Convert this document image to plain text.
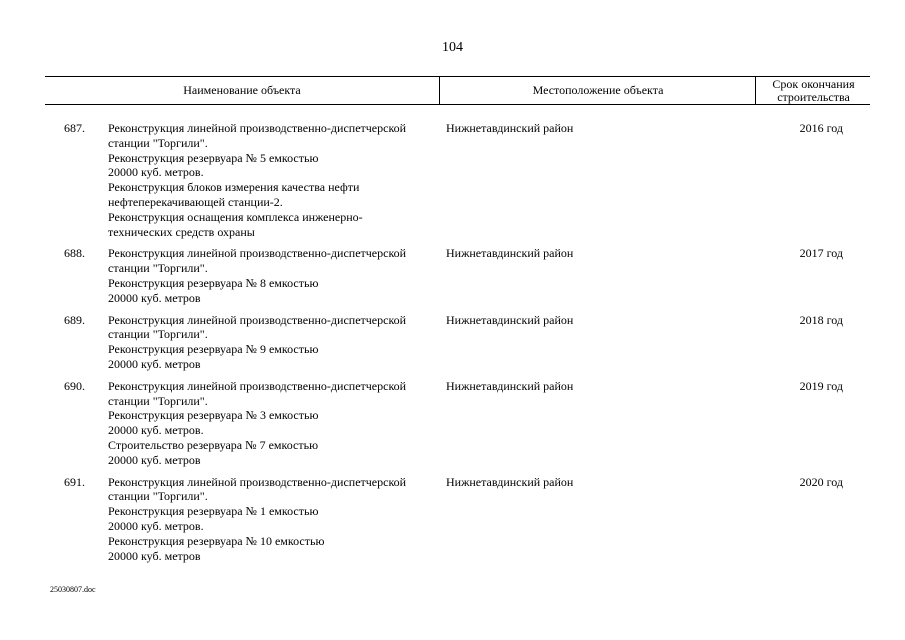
104
Наименование объекта	Местоположение объекта	Срок окончания
строительства
687. Реконструкция линейной производственно-диспетчерской
станции "Торгили".
Реконструкция резервуара № 5 емкостью
20000 куб. метров.
Реконструкция блоков измерения качества нефти
нефтеперекачивающей станции-2.
Реконструкция оснащения комплекса инженерно-
технических средств охраны
Нижнетавдинский район	2016 год
688. Реконструкция линейной производственно-диспетчерской
станции "Торгили".
Реконструкция резервуара № 8 емкостью
20000 куб. метров
Нижнетавдинский район	2017 год
689. Реконструкция линейной производственно-диспетчерской
станции "Торгили".
Реконструкция резервуара № 9 емкостью
20000 куб. метров
Нижнетавдинский район	2018 год
690. Реконструкция линейной производственно-диспетчерской
станции "Торгили".
Реконструкция резервуара № 3 емкостью
20000 куб. метров.
Строительство резервуара № 7 емкостью
20000 куб. метров
Нижнетавдинский район	2019 год
691. Реконструкция линейной производственно-диспетчерской
станции "Торгили".
Реконструкция резервуара № 1 емкостью
20000 куб. метров.
Реконструкция резервуара № 10 емкостью
20000 куб. метров
Нижнетавдинский район	2020 год
25030807.doc
